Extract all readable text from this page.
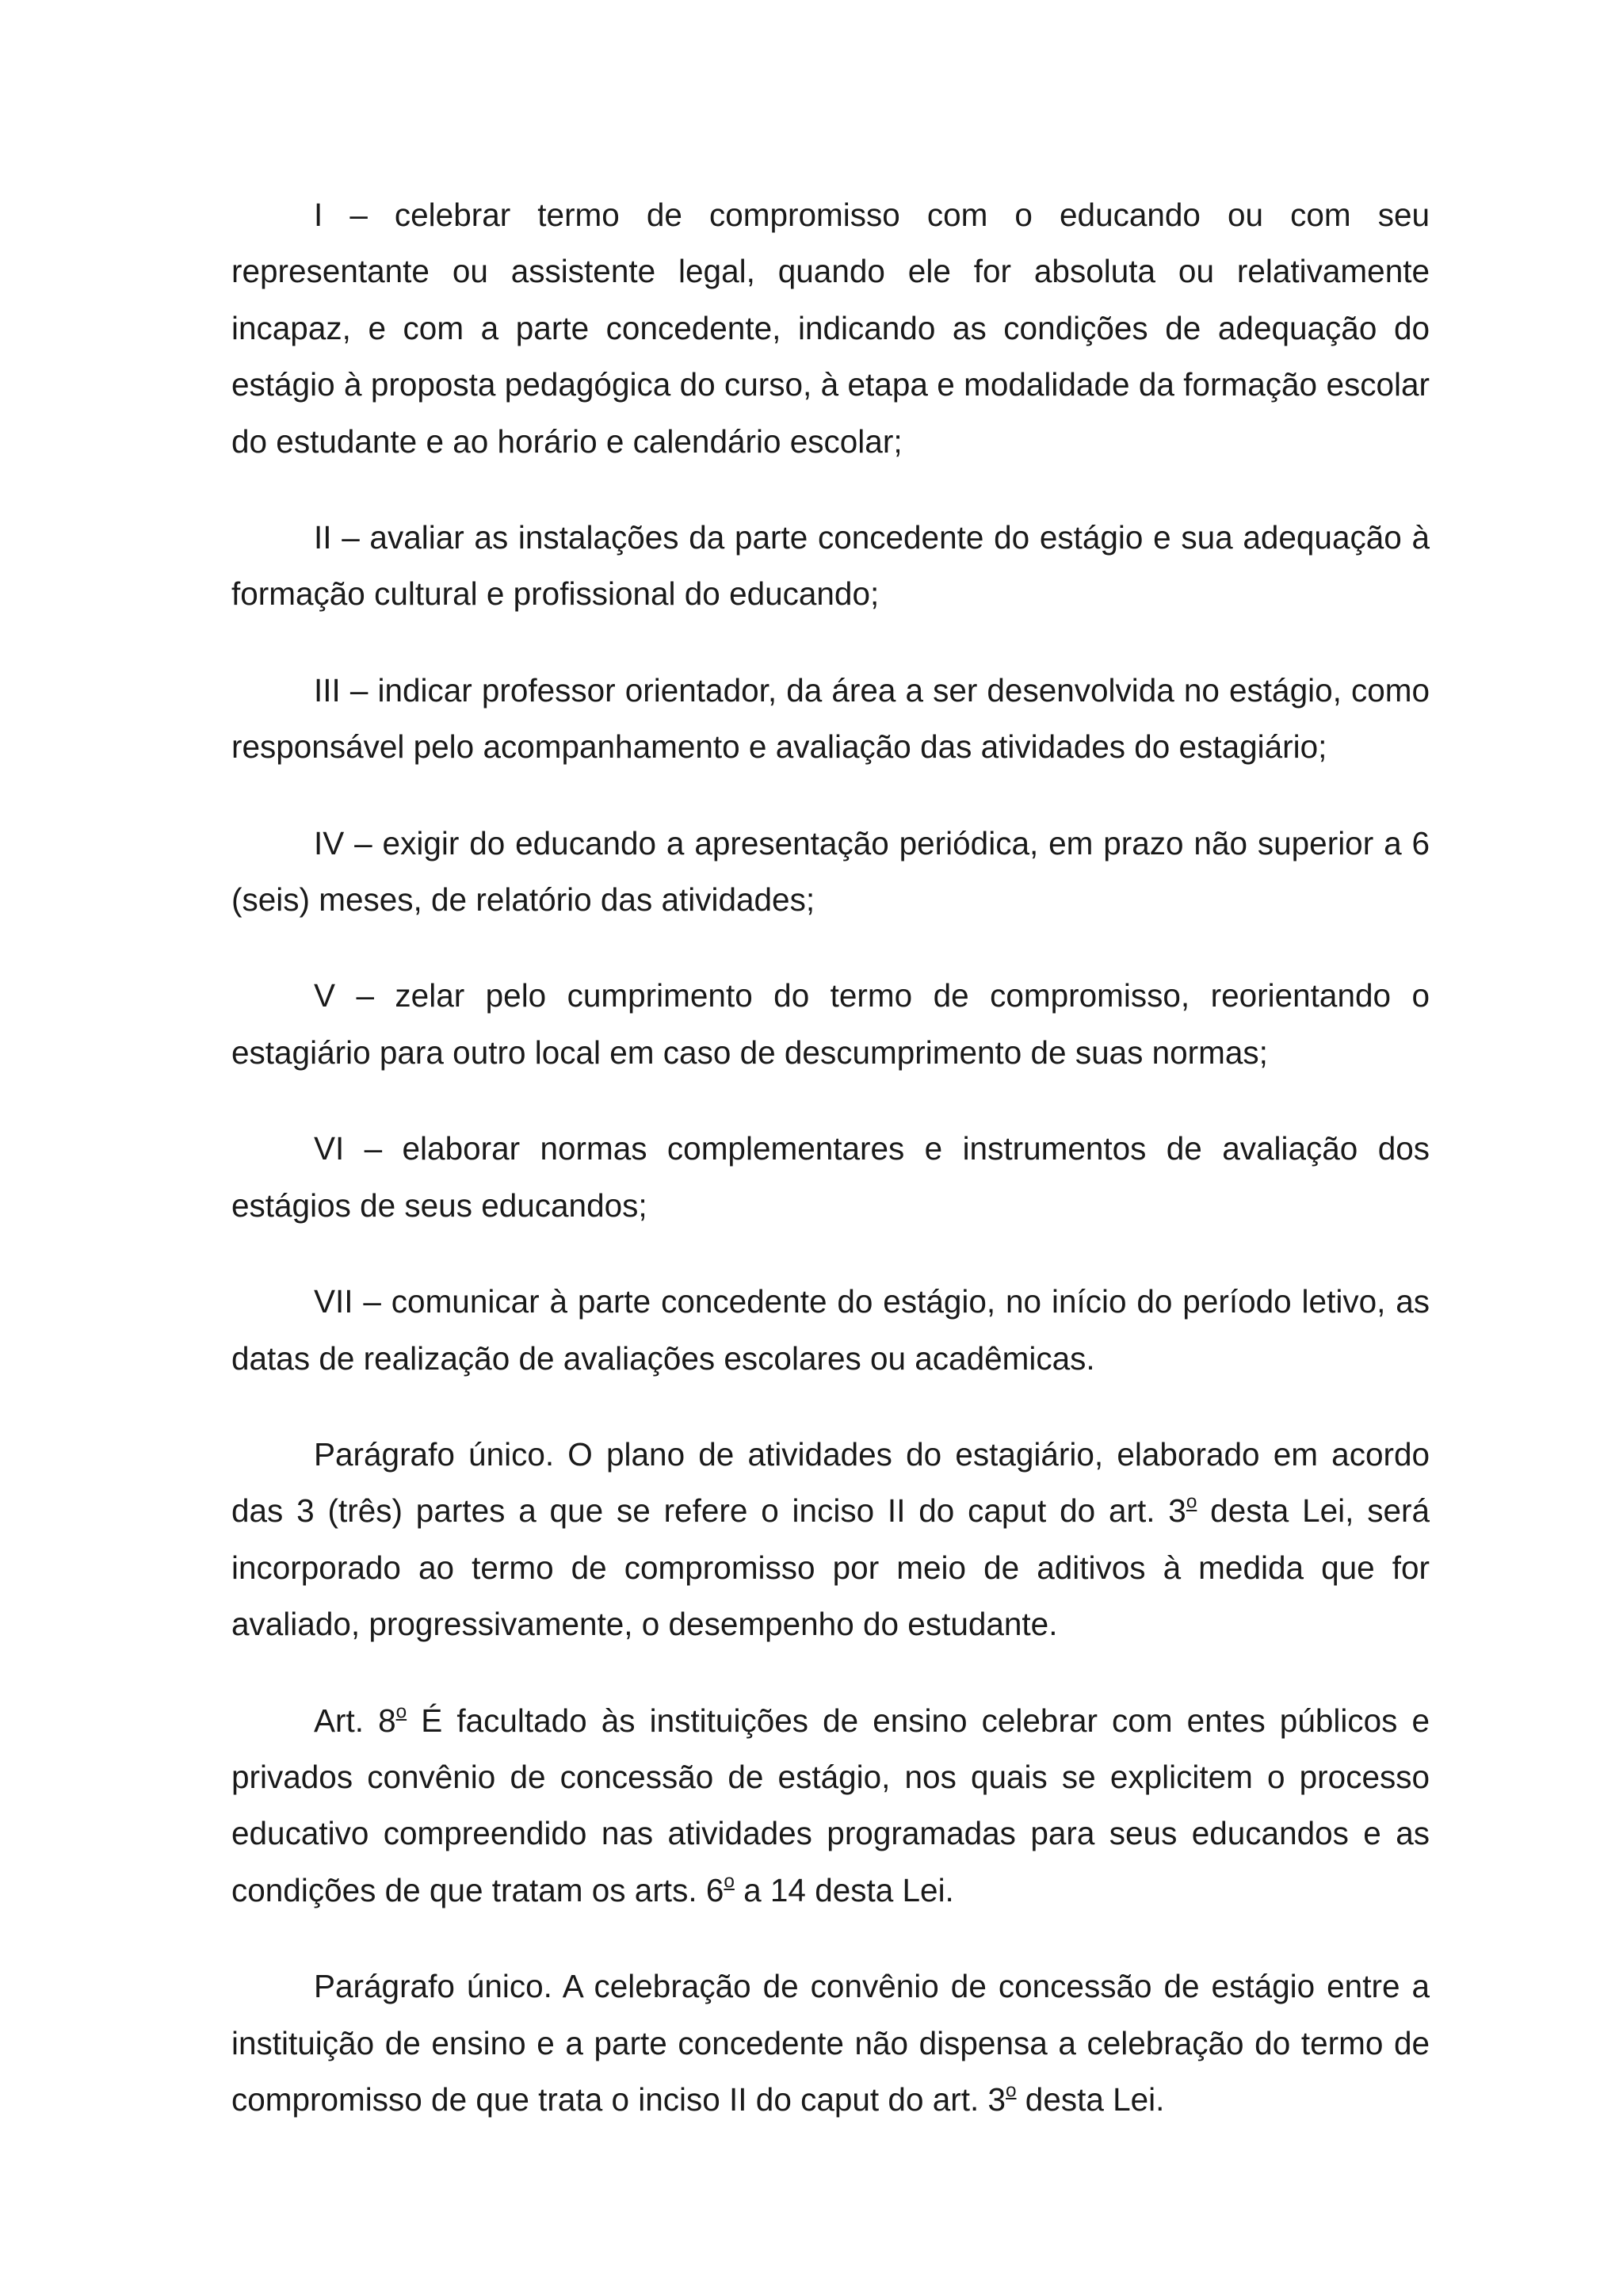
I – celebrar termo de compromisso com o educando ou com seu representante ou assistente legal, quando ele for absoluta ou relativamente incapaz, e com a parte concedente, indicando as condições de adequação do estágio à proposta pedagógica do curso, à etapa e modalidade da formação escolar do estudante e ao horário e calendário escolar;

II – avaliar as instalações da parte concedente do estágio e sua adequação à formação cultural e profissional do educando;

III – indicar professor orientador, da área a ser desenvolvida no estágio, como responsável pelo acompanhamento e avaliação das atividades do estagiário;

IV – exigir do educando a apresentação periódica, em prazo não superior a 6 (seis) meses, de relatório das atividades;

V – zelar pelo cumprimento do termo de compromisso, reorientando o estagiário para outro local em caso de descumprimento de suas normas;

VI – elaborar normas complementares e instrumentos de avaliação dos estágios de seus educandos;

VII – comunicar à parte concedente do estágio, no início do período letivo, as datas de realização de avaliações escolares ou acadêmicas.

Parágrafo único. O plano de atividades do estagiário, elaborado em acordo das 3 (três) partes a que se refere o inciso II do caput do art. 3$^o$ desta Lei, será incorporado ao termo de compromisso por meio de aditivos à medida que for avaliado, progressivamente, o desempenho do estudante.

Art. 8$^o$ É facultado às instituições de ensino celebrar com entes públicos e privados convênio de concessão de estágio, nos quais se explicitem o processo educativo compreendido nas atividades programadas para seus educandos e as condições de que tratam os arts. 6$^o$ a 14 desta Lei.

Parágrafo único. A celebração de convênio de concessão de estágio entre a instituição de ensino e a parte concedente não dispensa a celebração do termo de compromisso de que trata o inciso II do caput do art. 3$^o$ desta Lei.
